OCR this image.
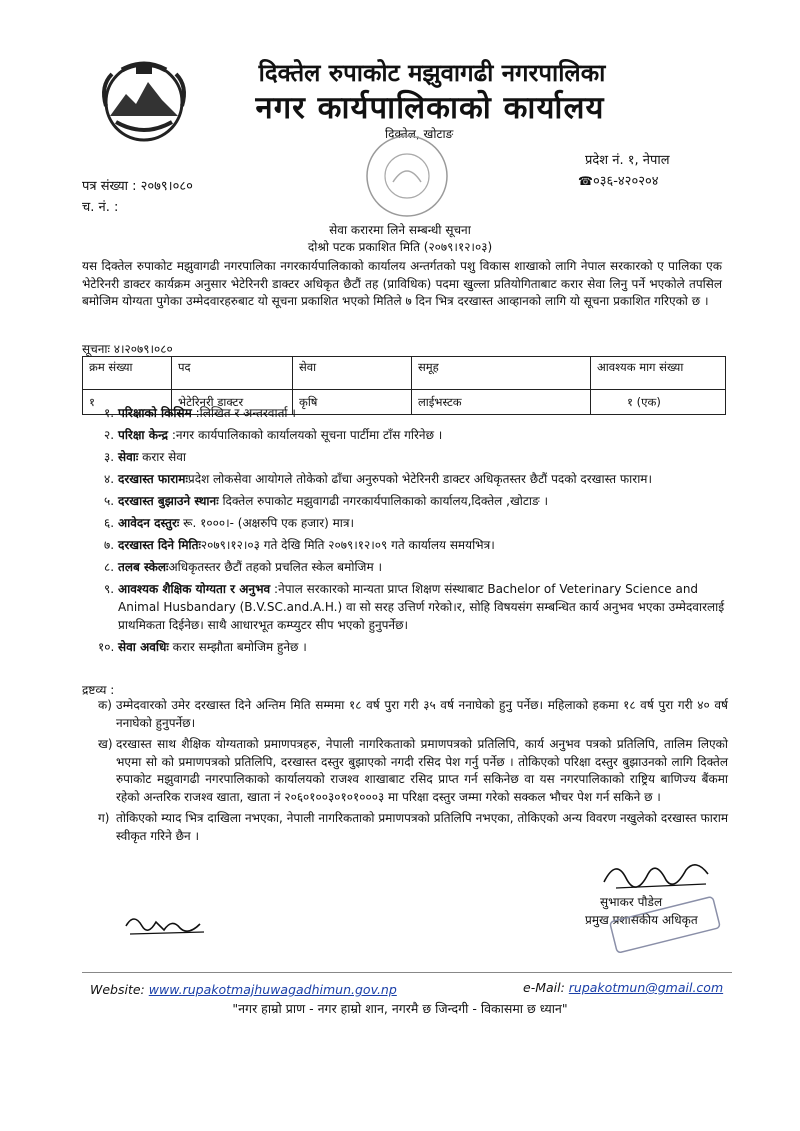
दिक्तेल रुपाकोट मझुवागढी नगरपालिका
नगर कार्यपालिकाको कार्यालय
दिक्तेल, खोटाङ
प्रदेश नं. १, नेपाल
☎०३६-४२०२०४
पत्र संख्या : २०७९।०८०
च. नं. :
सेवा करारमा लिने सम्बन्धी सूचना
दोश्रो पटक प्रकाशित मिति (२०७९।१२।०३)
यस दिक्तेल रुपाकोट मझुवागढी नगरपालिका नगरकार्यपालिकाको कार्यालय अन्तर्गतको पशु विकास शाखाको लागि नेपाल सरकारको ए पालिका एक भेटेरिनरी डाक्टर कार्यक्रम अनुसार भेटेरिनरी डाक्टर अधिकृत छैटौं तह (प्राविधिक) पदमा खुल्ला प्रतियोगिताबाट करार सेवा लिनु पर्ने भएकोले तपसिल बमोजिम योग्यता पुगेका उम्मेदवारहरुबाट यो सूचना प्रकाशित भएको मितिले ७ दिन भित्र दरखास्त आव्हानको लागि यो सूचना प्रकाशित गरिएको छ ।
सूचनाः ४।२०७९।०८०
क्रम संख्या	पद	सेवा	समूह	आवश्यक माग संख्या
१	भेटेरिनरी डाक्टर	कृषि	लाईभस्टक	१ (एक)
१. परिक्षाको किसिम :लिखित र अन्तरवार्ता ।
२. परिक्षा केन्द्र :नगर कार्यपालिकाको कार्यालयको सूचना पार्टीमा टाँस गरिनेछ ।
३. सेवाः करार सेवा
४. दरखास्त फारामःप्रदेश लोकसेवा आयोगले तोकेको ढाँचा अनुरुपको भेटेरिनरी डाक्टर अधिकृतस्तर छैटौं पदको दरखास्त फाराम।
५. दरखास्त बुझाउने स्थानः दिक्तेल रुपाकोट मझुवागढी नगरकार्यपालिकाको कार्यालय,दिक्तेल ,खोटाङ ।
६. आवेदन दस्तुरः रू. १०००।- (अक्षरुपि एक हजार) मात्र।
७. दरखास्त दिने मितिः२०७९।१२।०३ गते देखि मिति २०७९।१२।०९ गते कार्यालय समयभित्र।
८. तलब स्केलःअधिकृतस्तर छैटौं तहको प्रचलित स्केल बमोजिम ।
९. आवश्यक शैक्षिक योग्यता र अनुभव :नेपाल सरकारको मान्यता प्राप्त शिक्षण संस्थाबाट Bachelor of Veterinary Science and Animal Husbandary (B.V.SC.and.A.H.) वा सो सरह उत्तिर्ण गरेको।र, सोहि विषयसंग सम्बन्धित कार्य अनुभव भएका उम्मेदवारलाई प्राथमिकता दिईनेछ। साथै आधारभूत कम्प्युटर सीप भएको हुनुपर्नेछ।
१०. सेवा अवधिः करार सम्झौता बमोजिम हुनेछ ।
द्रष्टव्य :
क) उम्मेदवारको उमेर दरखास्त दिने अन्तिम मिति सम्ममा १८ वर्ष पुरा गरी ३५ वर्ष ननाघेको हुनु पर्नेछ। महिलाको हकमा १८ वर्ष पुरा गरी ४० वर्ष ननाघेको हुनुपर्नेछ।
ख) दरखास्त साथ शैक्षिक योग्यताको प्रमाणपत्रहरु, नेपाली नागरिकताको प्रमाणपत्रको प्रतिलिपि, कार्य अनुभव पत्रको प्रतिलिपि, तालिम लिएको भएमा सो को प्रमाणपत्रको प्रतिलिपि, दरखास्त दस्तुर बुझाएको नगदी रसिद पेश गर्नु पर्नेछ । तोकिएको परिक्षा दस्तुर बुझाउनको लागि दिक्तेल रुपाकोट मझुवागढी नगरपालिकाको कार्यालयको राजश्व शाखाबाट रसिद प्राप्त गर्न सकिनेछ वा यस नगरपालिकाको राष्ट्रिय बाणिज्य बैंकमा रहेको अन्तरिक राजश्व खाता, खाता नं २०६०१००३०१०१०००३ मा परिक्षा दस्तुर जम्मा गरेको सक्कल भौचर पेश गर्न सकिने छ ।
ग) तोकिएको म्याद भित्र दाखिला नभएका, नेपाली नागरिकताको प्रमाणपत्रको प्रतिलिपि नभएका, तोकिएको अन्य विवरण नखुलेको दरखास्त फाराम स्वीकृत गरिने छैन ।
सुभाकर पौडेल
प्रमुख प्रशासकीय अधिकृत
Website: www.rupakotmajhuwagadhimun.gov.np	e-Mail: rupakotmun@gmail.com
"नगर हाम्रो प्राण - नगर हाम्रो शान, नगरमै छ जिन्दगी - विकासमा छ ध्यान"
